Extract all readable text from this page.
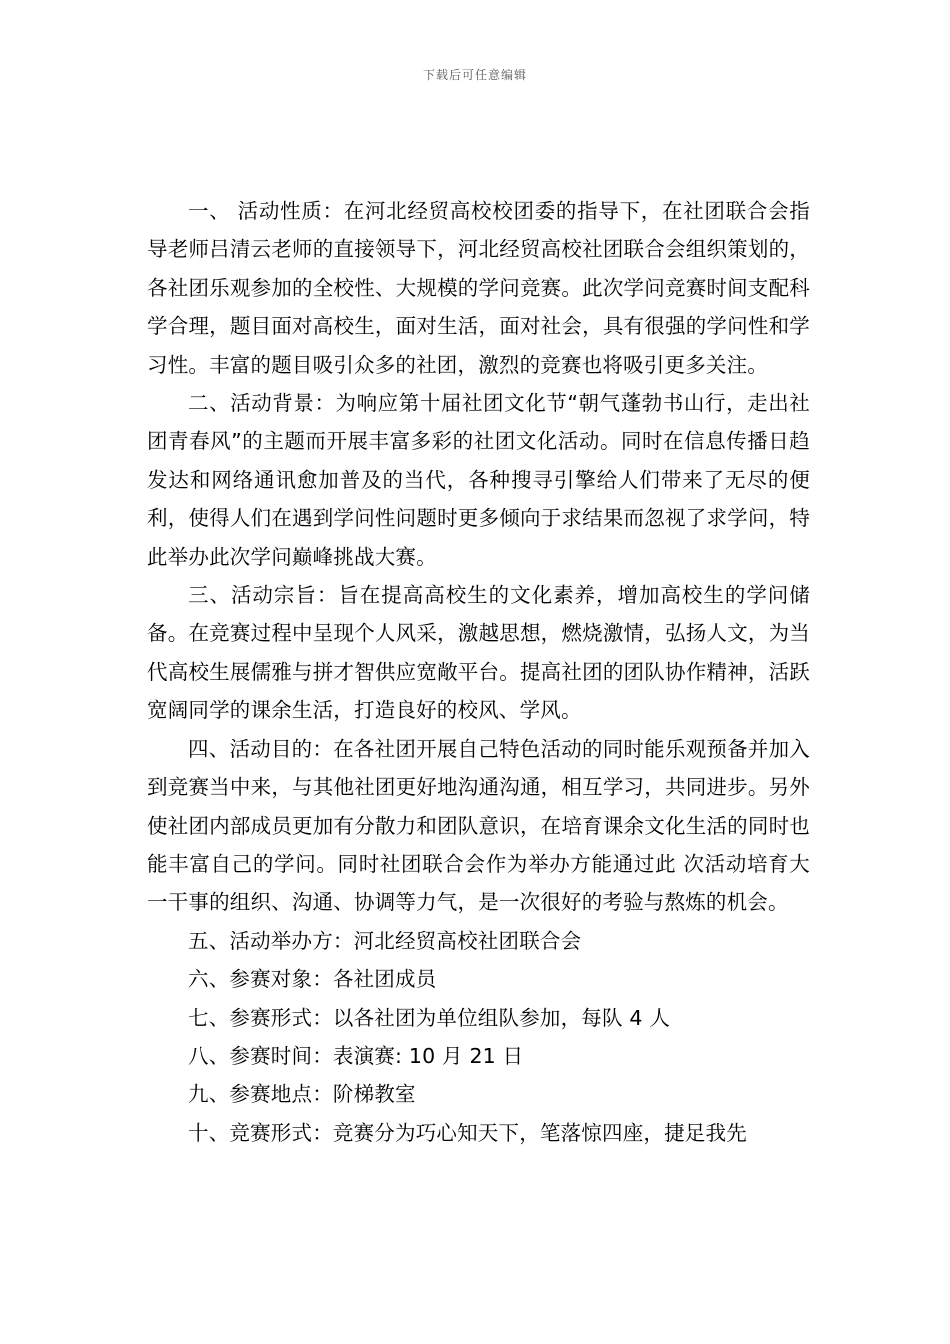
下载后可任意编辑

一、 活动性质：在河北经贸高校校团委的指导下，在社团联合会指导老师吕清云老师的直接领导下，河北经贸高校社团联合会组织策划的，各社团乐观参加的全校性、大规模的学问竞赛。此次学问竞赛时间支配科学合理，题目面对高校生，面对生活，面对社会，具有很强的学问性和学习性。丰富的题目吸引众多的社团，激烈的竞赛也将吸引更多关注。

二、活动背景：为响应第十届社团文化节“朝气蓬勃书山行，走出社团青春风”的主题而开展丰富多彩的社团文化活动。同时在信息传播日趋发达和网络通讯愈加普及的当代，各种搜寻引擎给人们带来了无尽的便利，使得人们在遇到学问性问题时更多倾向于求结果而忽视了求学问，特此举办此次学问巅峰挑战大赛。

三、活动宗旨：旨在提高高校生的文化素养，增加高校生的学问储备。在竞赛过程中呈现个人风采，激越思想，燃烧激情，弘扬人文，为当代高校生展儒雅与拼才智供应宽敞平台。提高社团的团队协作精神，活跃宽阔同学的课余生活，打造良好的校风、学风。

四、活动目的：在各社团开展自己特色活动的同时能乐观预备并加入到竞赛当中来，与其他社团更好地沟通沟通，相互学习，共同进步。另外使社团内部成员更加有分散力和团队意识，在培育课余文化生活的同时也能丰富自己的学问。同时社团联合会作为举办方能通过此 次活动培育大一干事的组织、沟通、协调等力气，是一次很好的考验与熬炼的机会。

五、活动举办方：河北经贸高校社团联合会

六、参赛对象：各社团成员

七、参赛形式：以各社团为单位组队参加，每队 4 人

八、参赛时间：表演赛: 10 月 21 日

九、参赛地点：阶梯教室

十、竞赛形式：竞赛分为巧心知天下，笔落惊四座，捷足我先
